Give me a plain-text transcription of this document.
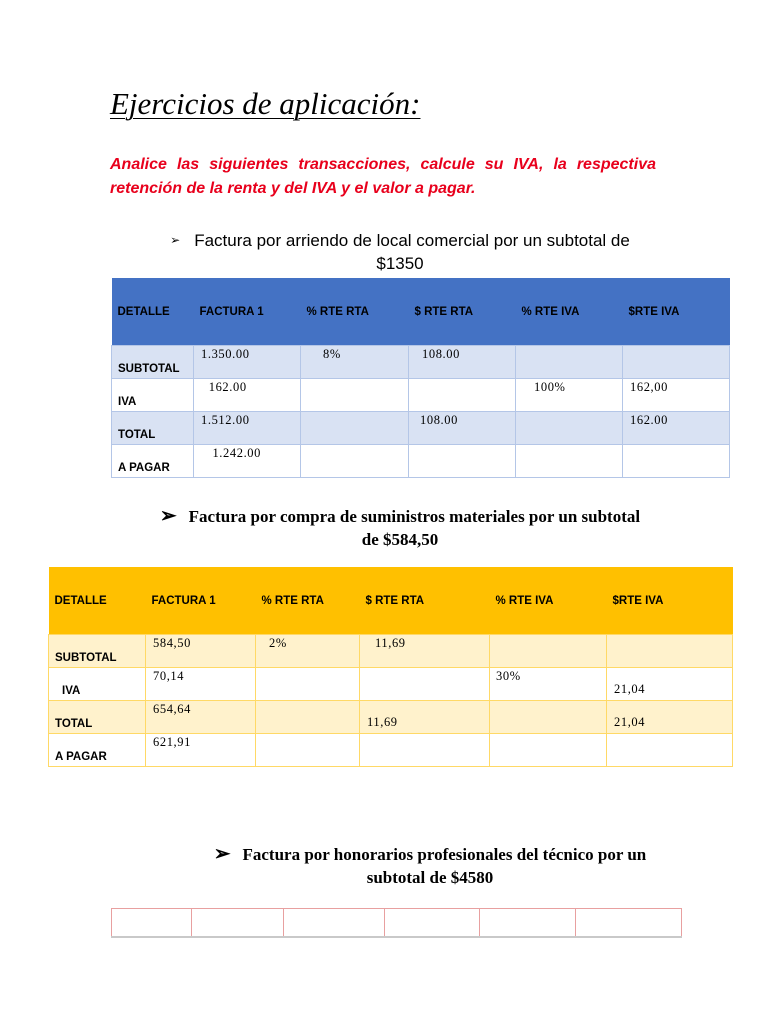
Ejercicios de aplicación:
Analice las siguientes transacciones, calcule su IVA, la respectiva retención de la renta y del IVA y el valor a pagar.
➢ Factura por arriendo de local comercial por un subtotal de
$1350
DETALLE	FACTURA 1	% RTE RTA	$ RTE RTA	% RTE IVA	$RTE IVA

SUBTOTAL	1.350.00	8%	108.00		

IVA	162.00			100%	162,00

TOTAL	1.512.00		108.00		162.00

A PAGAR	1.242.00				

➢ Factura por compra de suministros materiales por un subtotal
de $584,50
DETALLE	FACTURA 1	% RTE RTA	$ RTE RTA	% RTE IVA	$RTE IVA

SUBTOTAL	584,50	2%	11,69		

IVA	70,14			30%	21,04

TOTAL	654,64		11,69		21,04

A PAGAR	621,91				

➢ Factura por honorarios profesionales del técnico por un
subtotal de $4580
